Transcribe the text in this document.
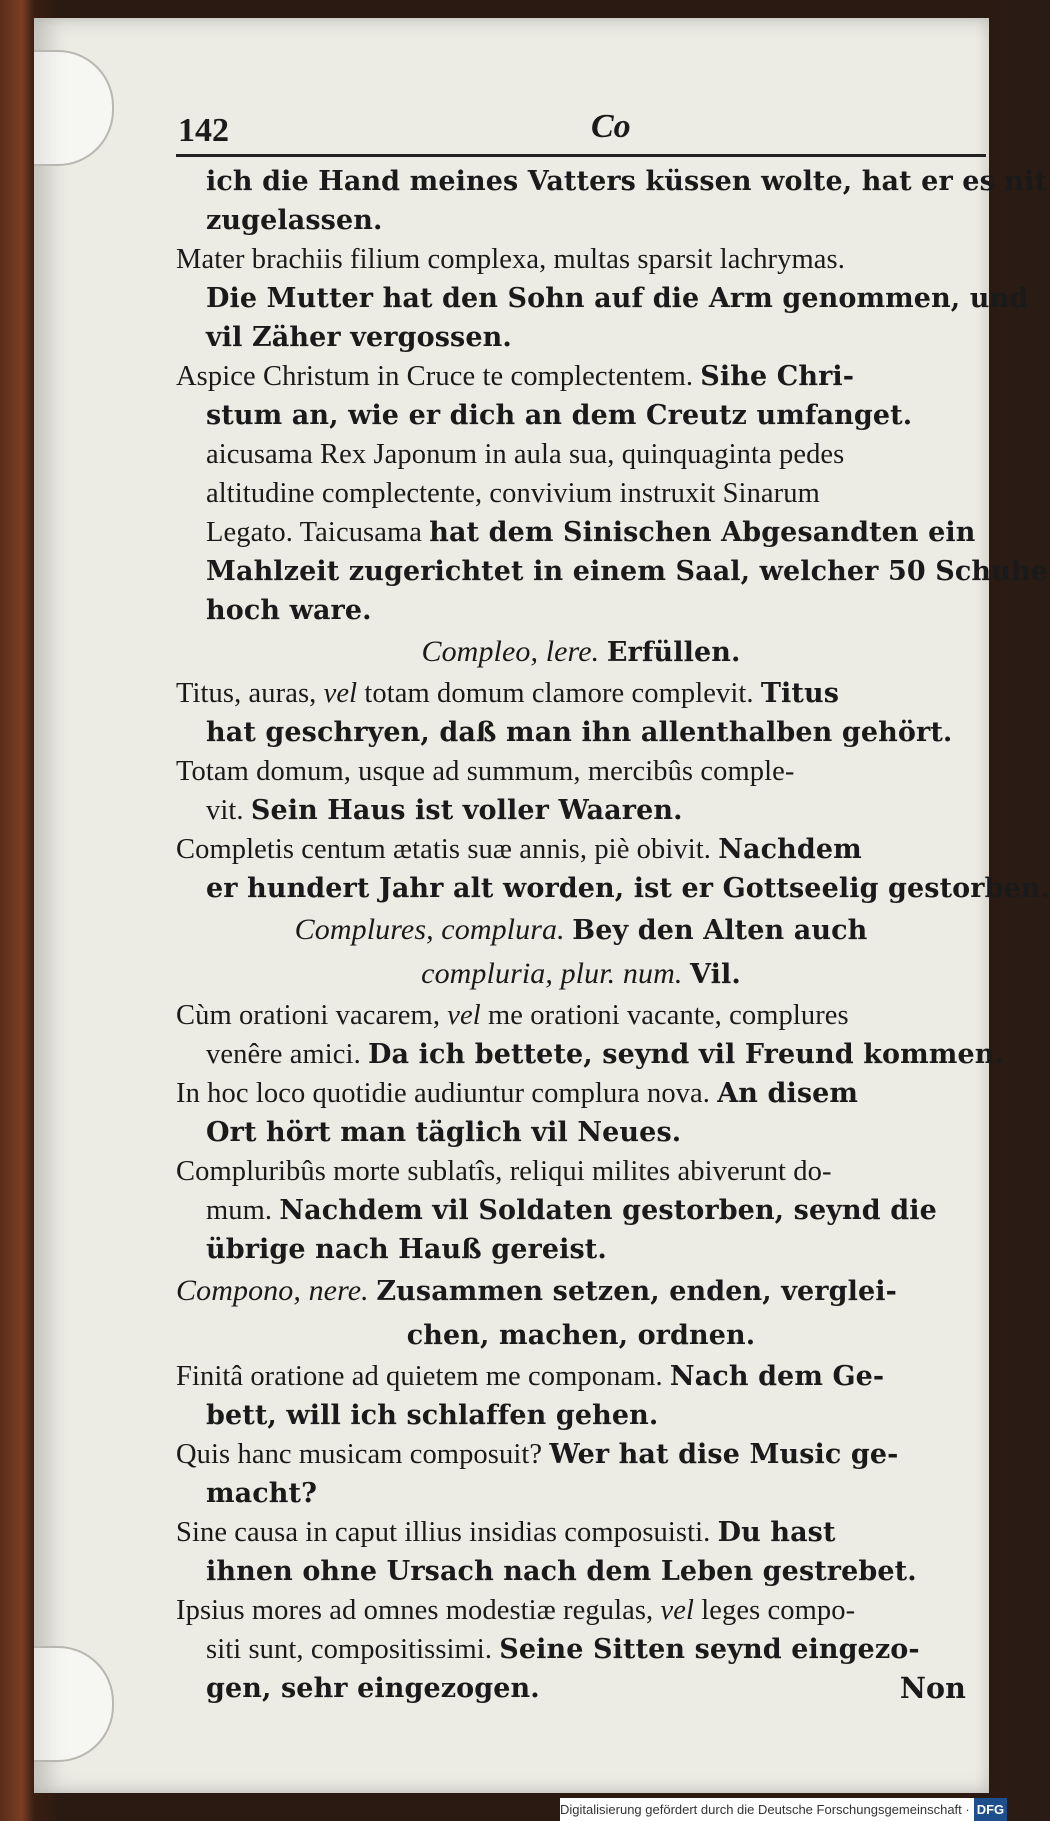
142	Co
ich die Hand meines Vatters küssen wolte, hat er es nit
zugelassen.
Mater brachiis filium complexa, multas sparsit lachrymas.
Die Mutter hat den Sohn auf die Arm genommen, und
vil Zäher vergossen.
Aspice Christum in Cruce te complectentem. Sihe Chri-
stum an, wie er dich an dem Creutz umfanget.
aicusama Rex Japonum in aula sua, quinquaginta pedes
altitudine complectente, convivium instruxit Sinarum
Legato. Taicusama hat dem Sinischen Abgesandten ein
Mahlzeit zugerichtet in einem Saal, welcher 50 Schuhe
hoch ware.
Compleo, lere. Erfüllen.
Titus, auras, vel totam domum clamore complevit. Titus
hat geschryen, daß man ihn allenthalben gehört.
Totam domum, usque ad summum, mercibûs comple-
vit. Sein Haus ist voller Waaren.
Completis centum ætatis suæ annis, piè obivit. Nachdem
er hundert Jahr alt worden, ist er Gottseelig gestorben.
Complures, complura. Bey den Alten auch
compluria, plur. num. Vil.
Cùm orationi vacarem, vel me orationi vacante, complures
venêre amici. Da ich bettete, seynd vil Freund kommen.
In hoc loco quotidie audiuntur complura nova. An disem
Ort hört man täglich vil Neues.
Compluribûs morte sublatîs, reliqui milites abiverunt do-
mum. Nachdem vil Soldaten gestorben, seynd die
übrige nach Hauß gereist.
Compono, nere. Zusammen setzen, enden, verglei-
chen, machen, ordnen.
Finitâ oratione ad quietem me componam. Nach dem Ge-
bett, will ich schlaffen gehen.
Quis hanc musicam composuit? Wer hat dise Music ge-
macht?
Sine causa in caput illius insidias composuisti. Du hast
ihnen ohne Ursach nach dem Leben gestrebet.
Ipsius mores ad omnes modestiæ regulas, vel leges compo-
siti sunt, compositissimi. Seine Sitten seynd eingezo-
gen, sehr eingezogen.	Non
Digitalisierung gefördert durch die Deutsche Forschungsgemeinschaft · DFG
